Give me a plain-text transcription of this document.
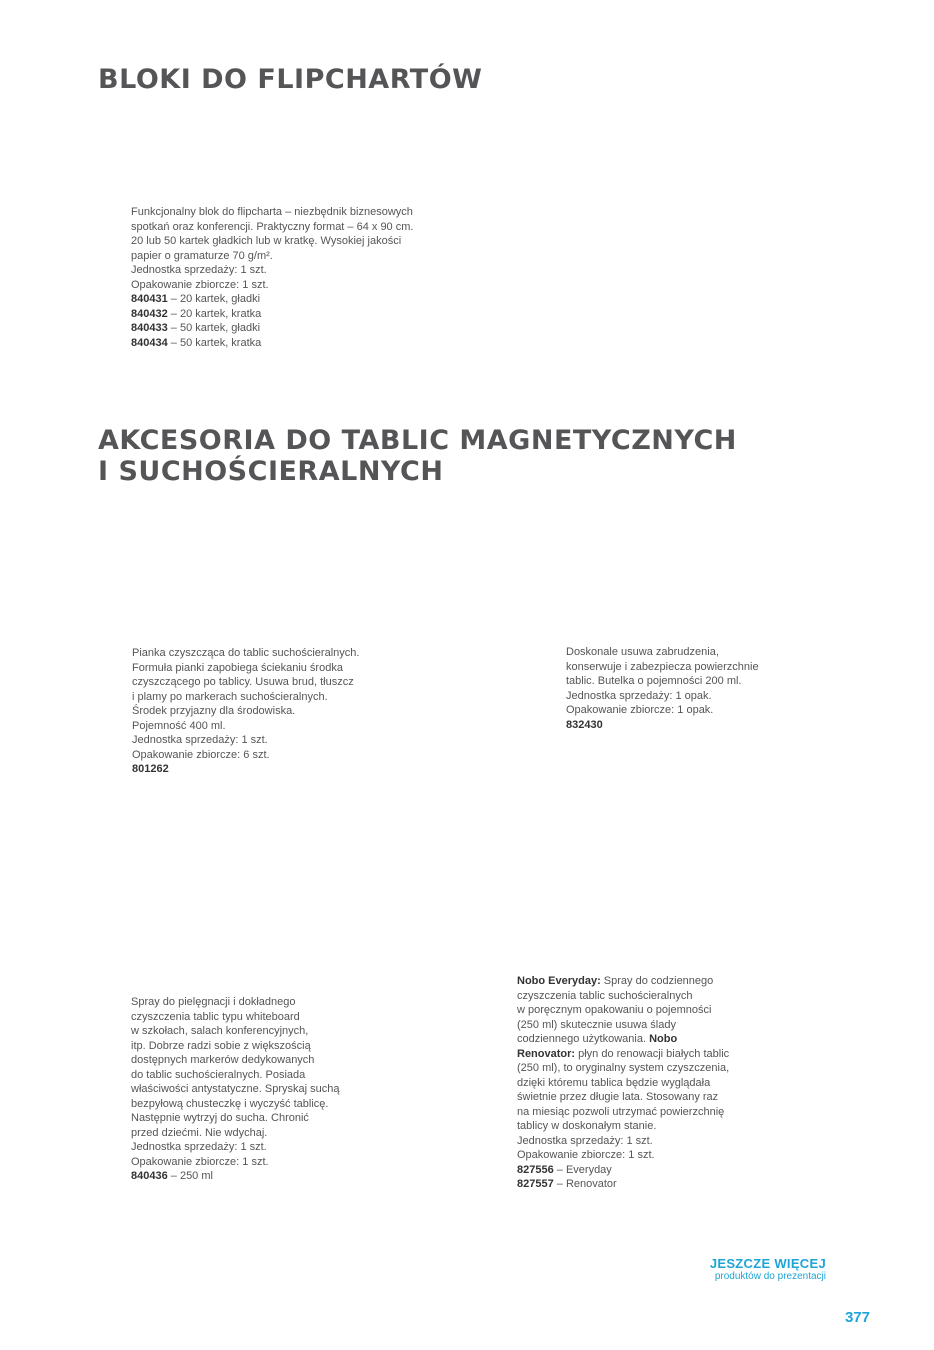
BLOKI DO FLIPCHARTÓW

Funkcjonalny blok do flipcharta – niezbędnik biznesowych

spotkań oraz konferencji. Praktyczny format – 64 x 90 cm.

20 lub 50 kartek gładkich lub w kratkę. Wysokiej jakości

papier o gramaturze 70 g/m².

Jednostka sprzedaży: 1 szt.

Opakowanie zbiorcze: 1 szt.

840431 – 20 kartek, gładki

840432 – 20 kartek, kratka

840433 – 50 kartek, gładki

840434 – 50 kartek, kratka

AKCESORIA DO TABLIC MAGNETYCZNYCH
I SUCHOŚCIERALNYCH

Pianka czyszcząca do tablic suchościeralnych.

Formuła pianki zapobiega ściekaniu środka

czyszczącego po tablicy. Usuwa brud, tłuszcz

i plamy po markerach suchościeralnych.

Środek przyjazny dla środowiska.

Pojemność 400 ml.

Jednostka sprzedaży: 1 szt.

Opakowanie zbiorcze: 6 szt.

801262

Doskonale usuwa zabrudzenia,

konserwuje i zabezpiecza powierzchnie

tablic. Butelka o pojemności 200 ml.

Jednostka sprzedaży: 1 opak.

Opakowanie zbiorcze: 1 opak.

832430

Spray do pielęgnacji i dokładnego

czyszczenia tablic typu whiteboard

w szkołach, salach konferencyjnych,

itp. Dobrze radzi sobie z większością

dostępnych markerów dedykowanych

do tablic suchościeralnych. Posiada

właściwości antystatyczne. Spryskaj suchą

bezpyłową chusteczkę i wyczyść tablicę.

Następnie wytrzyj do sucha. Chronić

przed dziećmi. Nie wdychaj.

Jednostka sprzedaży: 1 szt.

Opakowanie zbiorcze: 1 szt.

840436 – 250 ml

Nobo Everyday: Spray do codziennego

czyszczenia tablic suchościeralnych

w poręcznym opakowaniu o pojemności

(250 ml) skutecznie usuwa ślady

codziennego użytkowania. Nobo

Renovator: płyn do renowacji białych tablic

(250 ml), to oryginalny system czyszczenia,

dzięki któremu tablica będzie wyglądała

świetnie przez długie lata. Stosowany raz

na miesiąc pozwoli utrzymać powierzchnię

tablicy w doskonałym stanie.

Jednostka sprzedaży: 1 szt.

Opakowanie zbiorcze: 1 szt.

827556 – Everyday

827557 – Renovator

JESZCZE WIĘCEJ
produktów do prezentacji
377
